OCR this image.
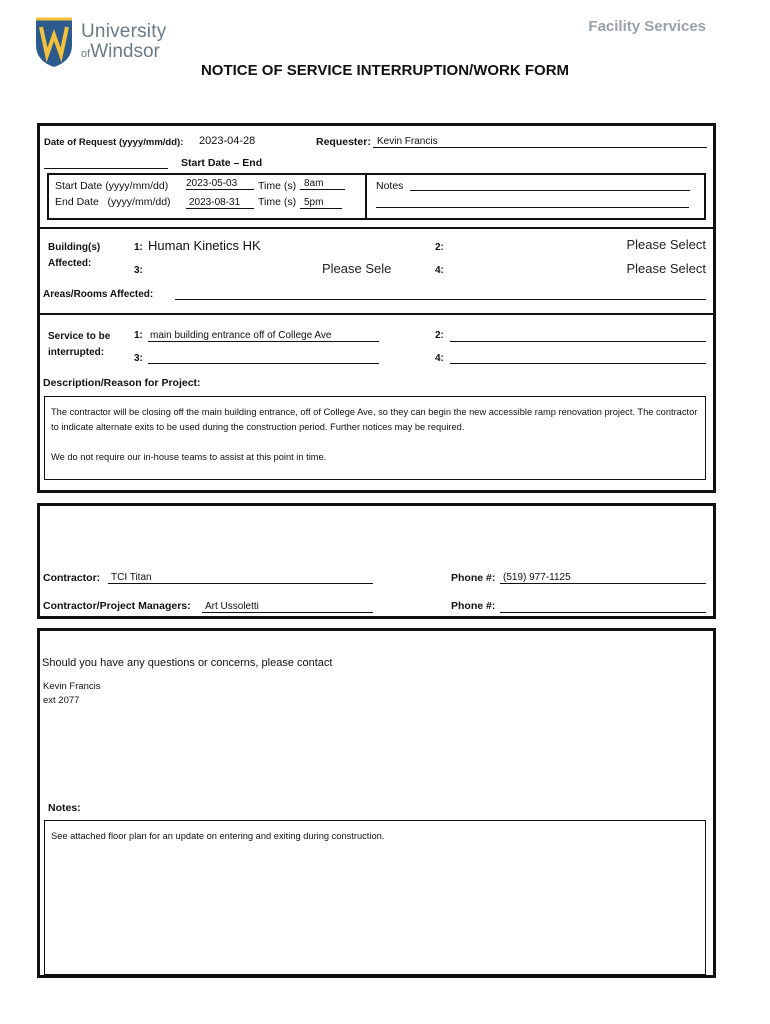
University
ofWindsor
Facility Services
NOTICE OF SERVICE INTERRUPTION/WORK FORM
Date of Request (yyyy/mm/dd): 2023-04-28	Requester: Kevin Francis
Start Date – End
Start Date (yyyy/mm/dd) 2023-05-03	Time (s) 8am
End Date   (yyyy/mm/dd)	2023-08-31	Time (s) 5pm
Notes
Building(s)
Affected:
1: Human Kinetics HK	2:	Please Select
3:	Please Sele	4:	Please Select
Areas/Rooms Affected:
Service to be
interrupted:
1: main building entrance off of College Ave	2:
3:	4:
Description/Reason for Project:

The contractor will be closing off the main building entrance, off of College Ave, so they can begin the new accessible ramp renovation project. The contractor to indicate alternate exits to be used during the construction period. Further notices may be required.

We do not require our in-house teams to assist at this point in time.

Contractor:	TCI Titan	Phone #: (519) 977-1125
Contractor/Project Managers:	Art Ussoletti	Phone #:
Should you have any questions or concerns, please contact
Kevin Francis
ext 2077
Notes:

See attached floor plan for an update on entering and exiting during construction.
